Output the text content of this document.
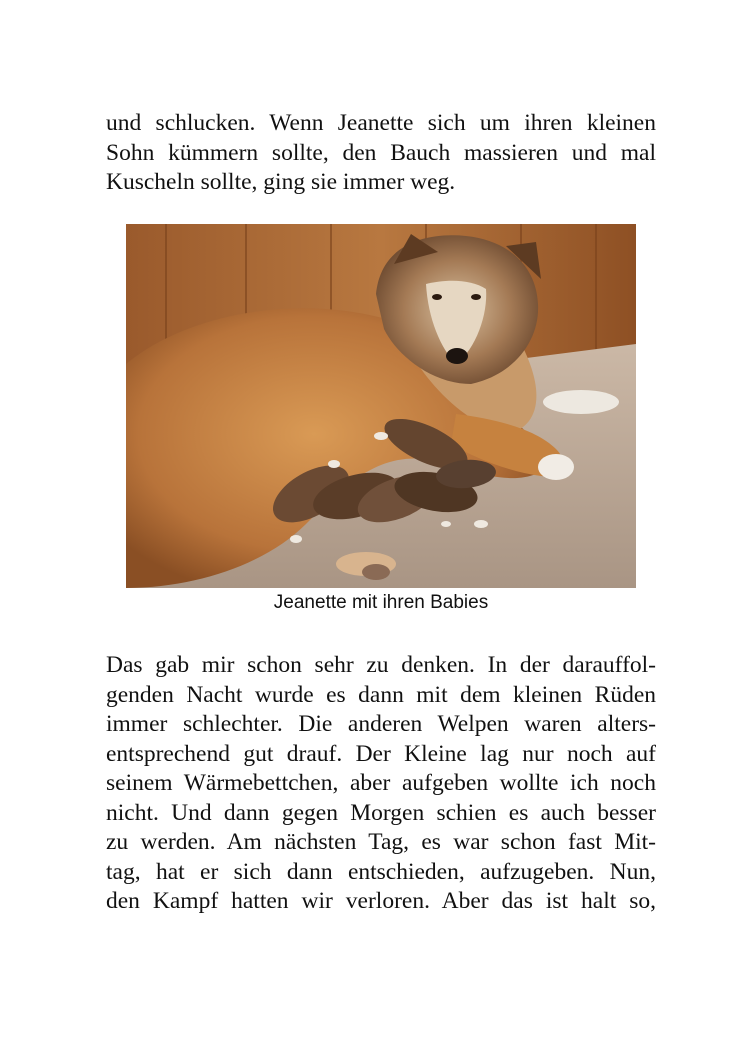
und schlucken. Wenn Jeanette sich um ihren kleinen
Sohn kümmern sollte, den Bauch massieren und mal
Kuscheln sollte, ging sie immer weg.

Jeanette mit ihren Babies

Das gab mir schon sehr zu denken. In der darauffol-
genden Nacht wurde es dann mit dem kleinen Rüden
immer schlechter. Die anderen Welpen waren alters-
entsprechend gut drauf. Der Kleine lag nur noch auf
seinem Wärmebettchen, aber aufgeben wollte ich noch
nicht. Und dann gegen Morgen schien es auch besser
zu werden. Am nächsten Tag, es war schon fast Mit-
tag, hat er sich dann entschieden, aufzugeben. Nun,
den Kampf hatten wir verloren. Aber das ist halt so,
